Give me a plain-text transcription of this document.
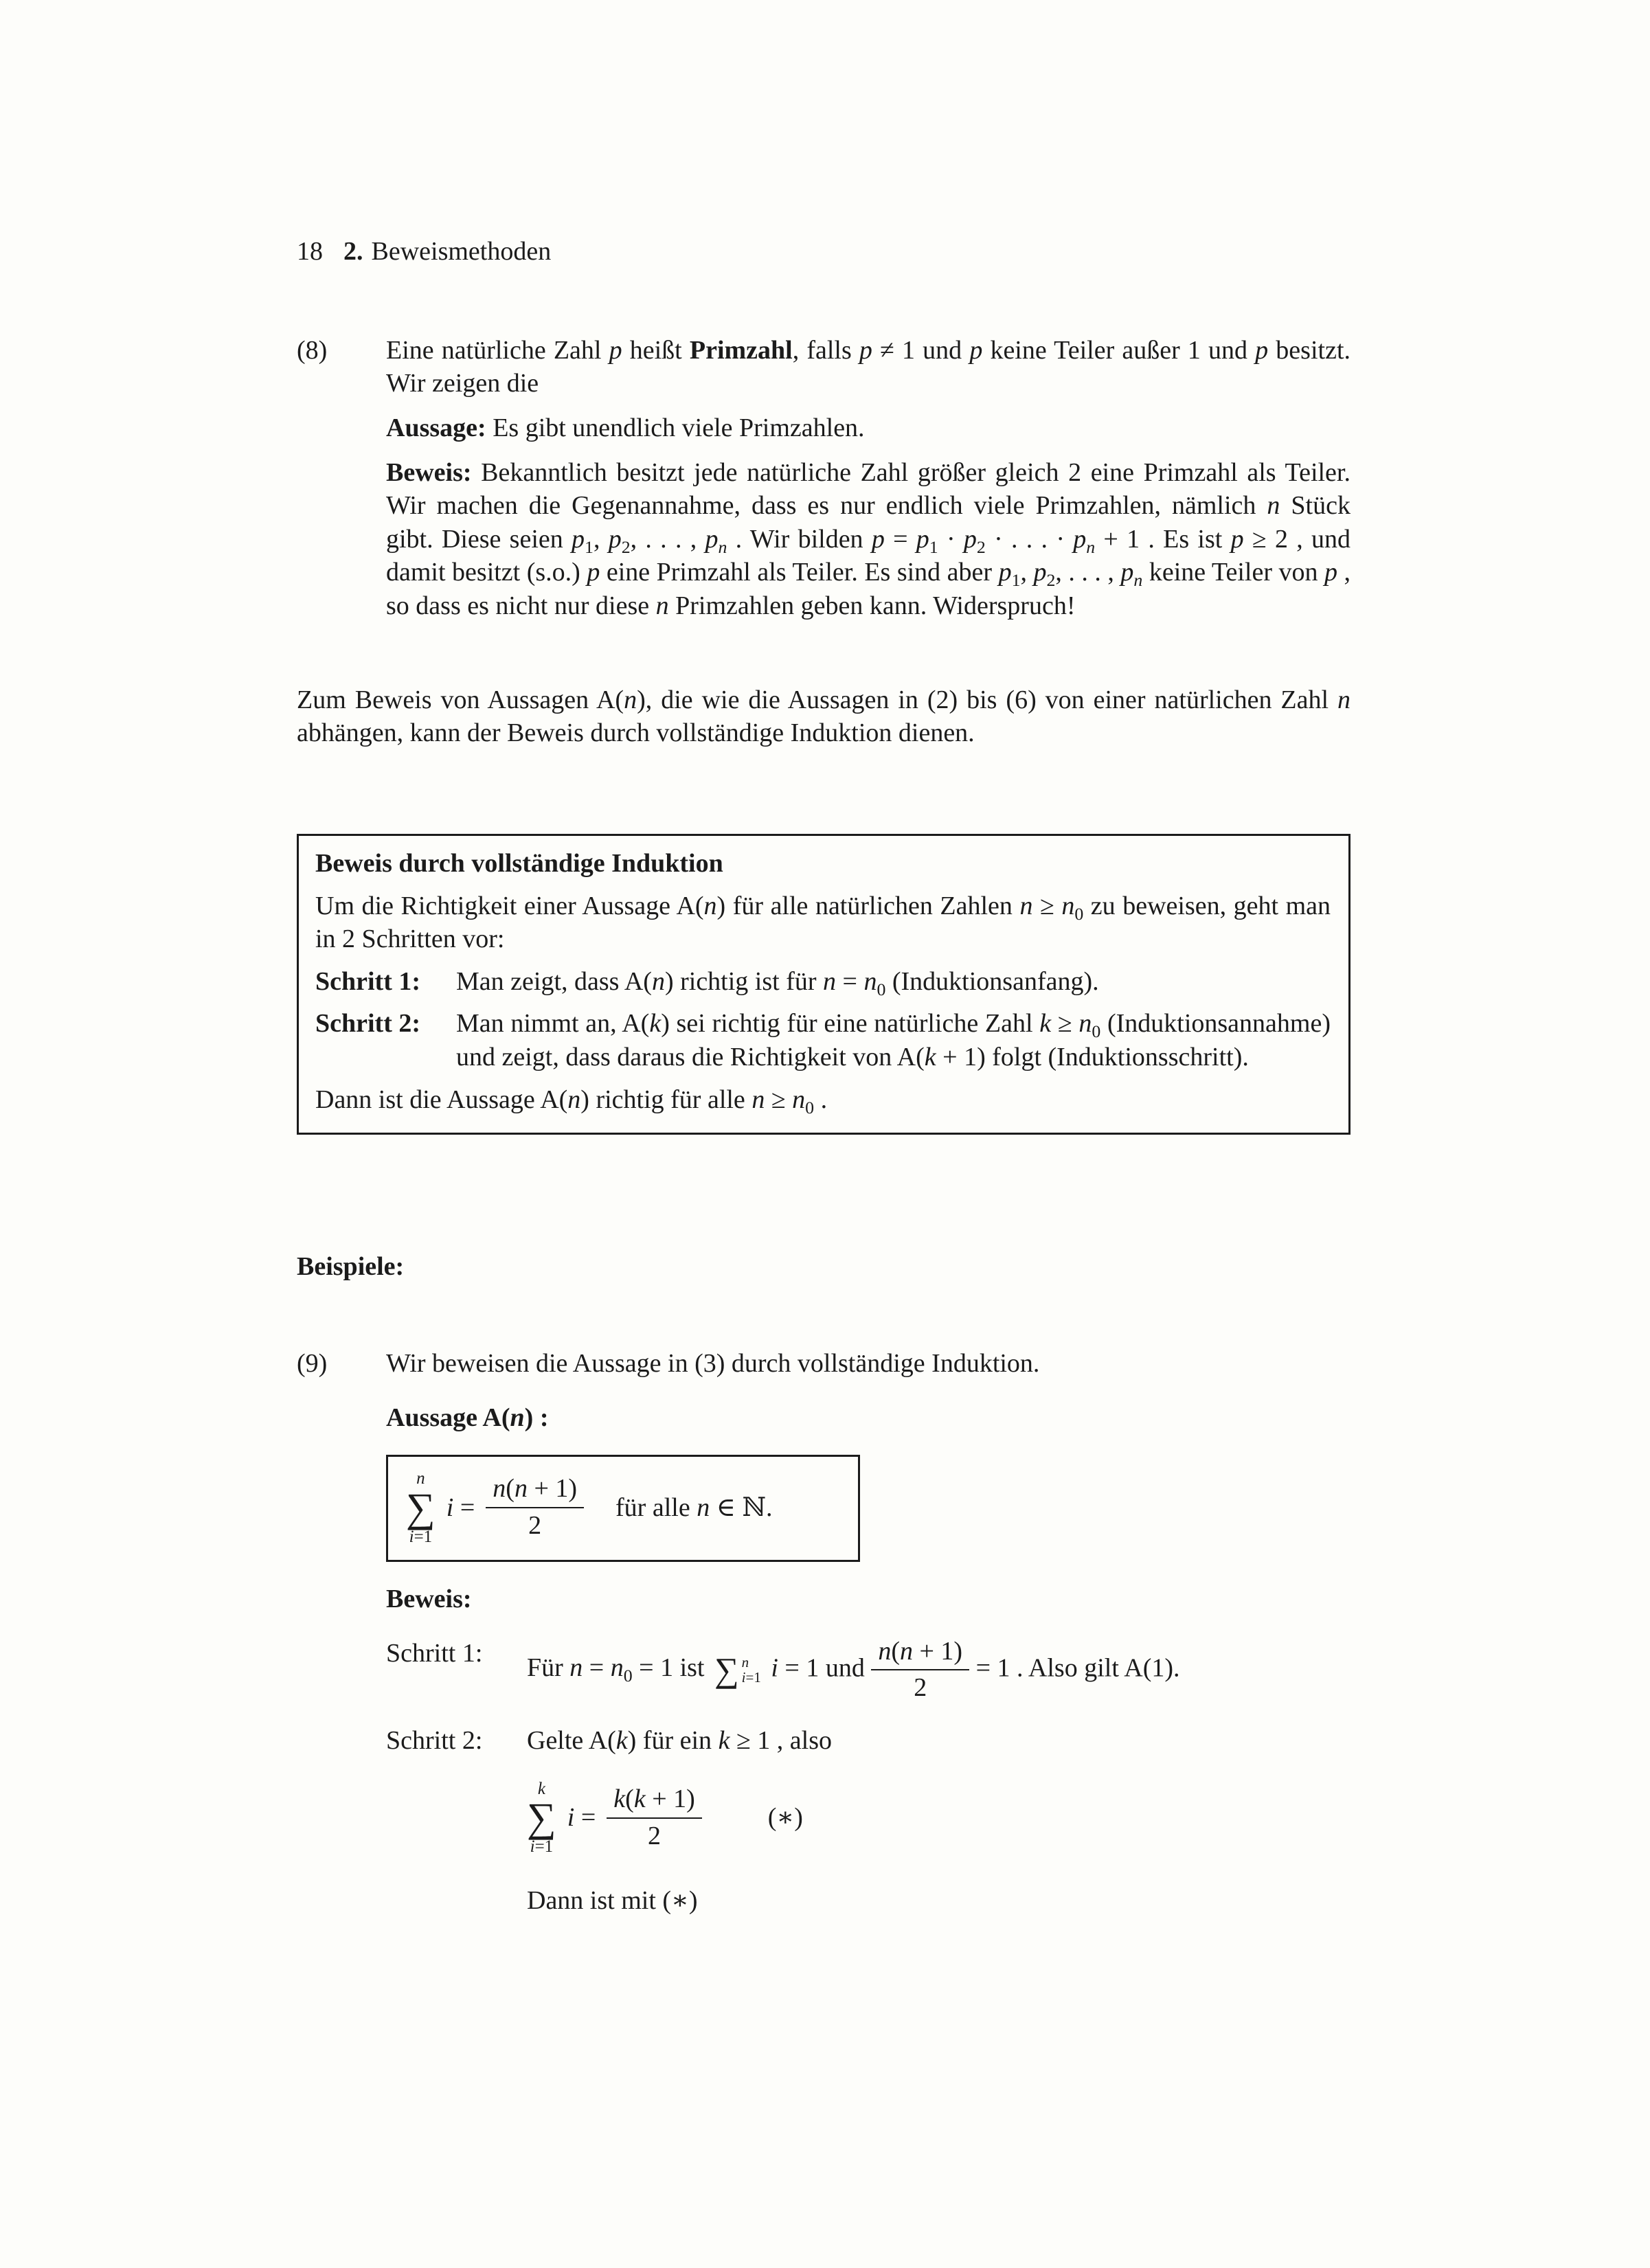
18 2. Beweismethoden
(8)	Eine natürliche Zahl p heißt Primzahl, falls p ≠ 1 und p keine Teiler außer 1 und p besitzt. Wir zeigen die

Aussage: Es gibt unendlich viele Primzahlen.

Beweis: Bekanntlich besitzt jede natürliche Zahl größer gleich 2 eine Primzahl als Teiler. Wir machen die Gegenannahme, dass es nur endlich viele Primzahlen, nämlich n Stück gibt. Diese seien $p_1$, $p_2$, . . . , $p_n$ . Wir bilden $p = p_1 \cdot p_2$ · . . . · $p_n + 1$ . Es ist p ≥ 2 , und damit besitzt (s.o.) p eine Primzahl als Teiler. Es sind aber $p_1$, $p_2$, . . . , $p_n$ keine Teiler von p , so dass es nicht nur diese n Primzahlen geben kann. Widerspruch!

Zum Beweis von Aussagen A(n), die wie die Aussagen in (2) bis (6) von einer natürlichen Zahl n abhängen, kann der Beweis durch vollständige Induktion dienen.

Beweis durch vollständige Induktion

Um die Richtigkeit einer Aussage A(n) für alle natürlichen Zahlen $n \ge n_0$ zu beweisen, geht man in 2 Schritten vor:

Schritt 1:	Man zeigt, dass A(n) richtig ist für $n = n_0$ (Induktionsanfang).
Schritt 2:	Man nimmt an, A(k) sei richtig für eine natürliche Zahl $k \ge n_0$ (Induktionsannahme) und zeigt, dass daraus die Richtigkeit von A(k + 1) folgt (Induktionsschritt).

Dann ist die Aussage A(n) richtig für alle $n \ge n_0$ .

Beispiele:

(9)	Wir beweisen die Aussage in (3) durch vollständige Induktion.

Aussage A(n) :

n
∑
i=1
$i = \frac{n(n + 1)}{2}$ für alle n ∈ ℕ.

Beweis:

Schritt 1:
Für $n = n_0 = 1$ ist ∑ n
i=1 i = 1 und $\frac{n(n + 1)}{2} = 1$ . Also gilt A(1).
Schritt 2:	Gelte A(k) für ein k ≥ 1 , also
k
∑
i=1
$i = \frac{k(k + 1)}{2}$	(∗)

Dann ist mit (∗)
